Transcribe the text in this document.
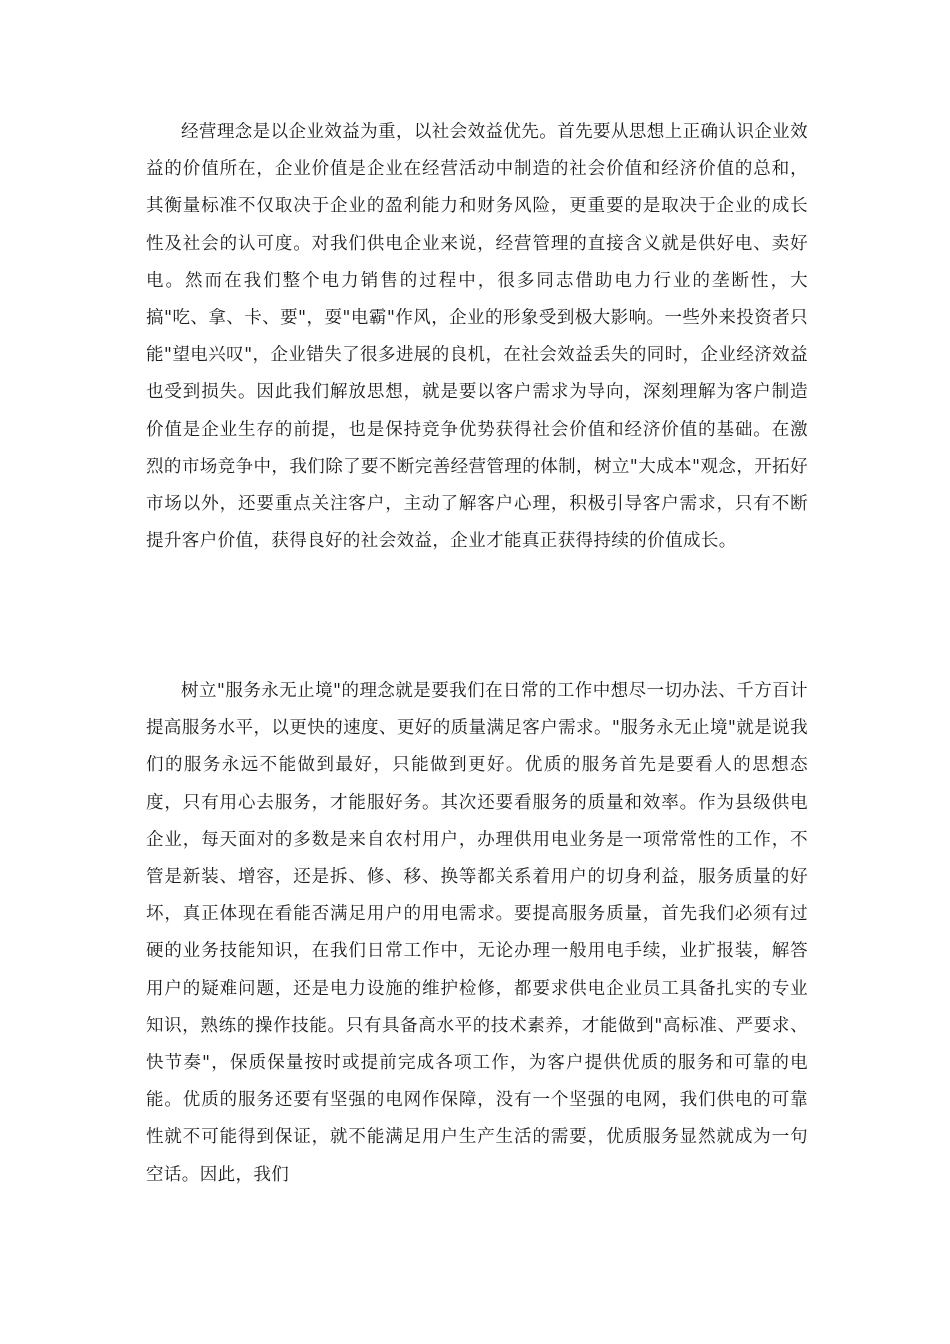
经营理念是以企业效益为重，以社会效益优先。首先要从思想上正确认识企业效益的价值所在，企业价值是企业在经营活动中制造的社会价值和经济价值的总和，其衡量标准不仅取决于企业的盈利能力和财务风险，更重要的是取决于企业的成长性及社会的认可度。对我们供电企业来说，经营管理的直接含义就是供好电、卖好电。然而在我们整个电力销售的过程中，很多同志借助电力行业的垄断性，大搞"吃、拿、卡、要"，耍"电霸"作风，企业的形象受到极大影响。一些外来投资者只能"望电兴叹"，企业错失了很多进展的良机，在社会效益丢失的同时，企业经济效益也受到损失。因此我们解放思想，就是要以客户需求为导向，深刻理解为客户制造价值是企业生存的前提，也是保持竞争优势获得社会价值和经济价值的基础。在激烈的市场竞争中，我们除了要不断完善经营管理的体制，树立"大成本"观念，开拓好市场以外，还要重点关注客户，主动了解客户心理，积极引导客户需求，只有不断提升客户价值，获得良好的社会效益，企业才能真正获得持续的价值成长。

树立"服务永无止境"的理念就是要我们在日常的工作中想尽一切办法、千方百计提高服务水平，以更快的速度、更好的质量满足客户需求。"服务永无止境"就是说我们的服务永远不能做到最好，只能做到更好。优质的服务首先是要看人的思想态度，只有用心去服务，才能服好务。其次还要看服务的质量和效率。作为县级供电企业，每天面对的多数是来自农村用户，办理供用电业务是一项常常性的工作，不管是新装、增容，还是拆、修、移、换等都关系着用户的切身利益，服务质量的好坏，真正体现在看能否满足用户的用电需求。要提高服务质量，首先我们必须有过硬的业务技能知识，在我们日常工作中，无论办理一般用电手续，业扩报装，解答用户的疑难问题，还是电力设施的维护检修，都要求供电企业员工具备扎实的专业知识，熟练的操作技能。只有具备高水平的技术素养，才能做到"高标准、严要求、快节奏"，保质保量按时或提前完成各项工作，为客户提供优质的服务和可靠的电能。优质的服务还要有坚强的电网作保障，没有一个坚强的电网，我们供电的可靠性就不可能得到保证，就不能满足用户生产生活的需要，优质服务显然就成为一句空话。因此，我们
